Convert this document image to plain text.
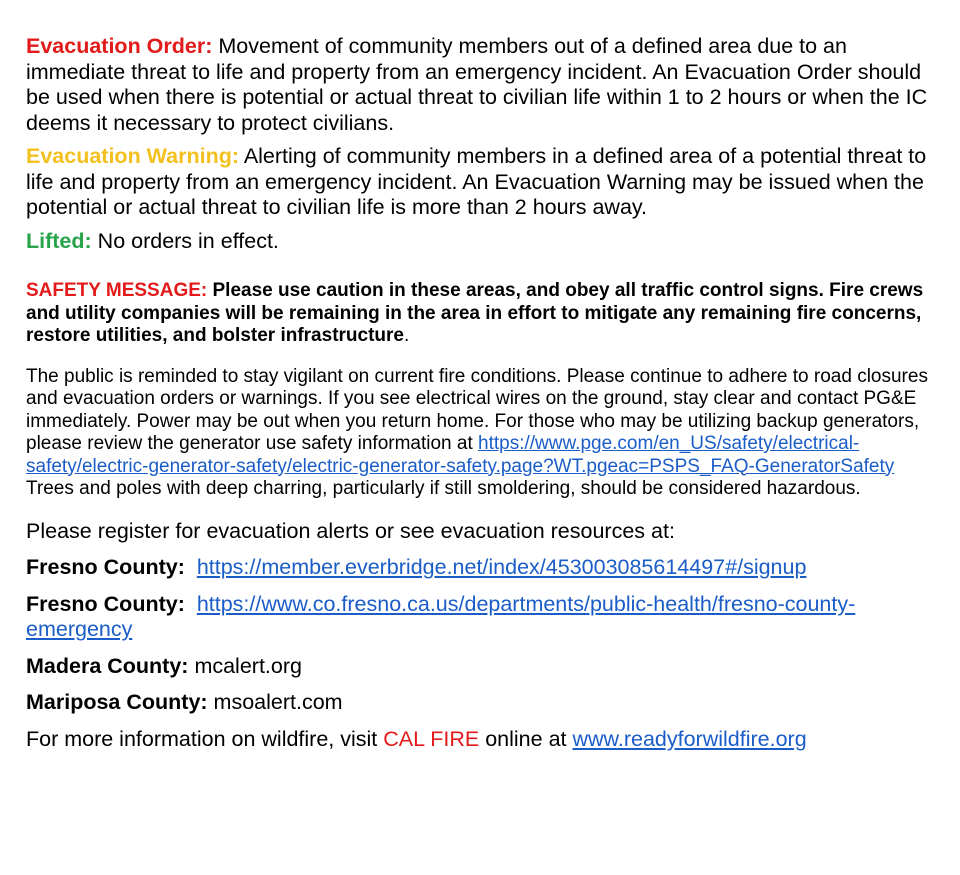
Evacuation Order: Movement of community members out of a defined area due to an immediate threat to life and property from an emergency incident. An Evacuation Order should be used when there is potential or actual threat to civilian life within 1 to 2 hours or when the IC deems it necessary to protect civilians.

Evacuation Warning: Alerting of community members in a defined area of a potential threat to life and property from an emergency incident. An Evacuation Warning may be issued when the potential or actual threat to civilian life is more than 2 hours away.

Lifted: No orders in effect.

SAFETY MESSAGE: Please use caution in these areas, and obey all traffic control signs. Fire crews and utility companies will be remaining in the area in effort to mitigate any remaining fire concerns, restore utilities, and bolster infrastructure.

The public is reminded to stay vigilant on current fire conditions. Please continue to adhere to road closures and evacuation orders or warnings. If you see electrical wires on the ground, stay clear and contact PG&E immediately. Power may be out when you return home. For those who may be utilizing backup generators, please review the generator use safety information at https://www.pge.com/en_US/safety/electrical-safety/electric-generator-safety/electric-generator-safety.page?WT.pgeac=PSPS_FAQ-GeneratorSafety
Trees and poles with deep charring, particularly if still smoldering, should be considered hazardous.

Please register for evacuation alerts or see evacuation resources at:

Fresno County: https://member.everbridge.net/index/453003085614497#/signup

Fresno County: https://www.co.fresno.ca.us/departments/public-health/fresno-county-emergency

Madera County: mcalert.org

Mariposa County: msoalert.com

For more information on wildfire, visit CAL FIRE online at www.readyforwildfire.org
